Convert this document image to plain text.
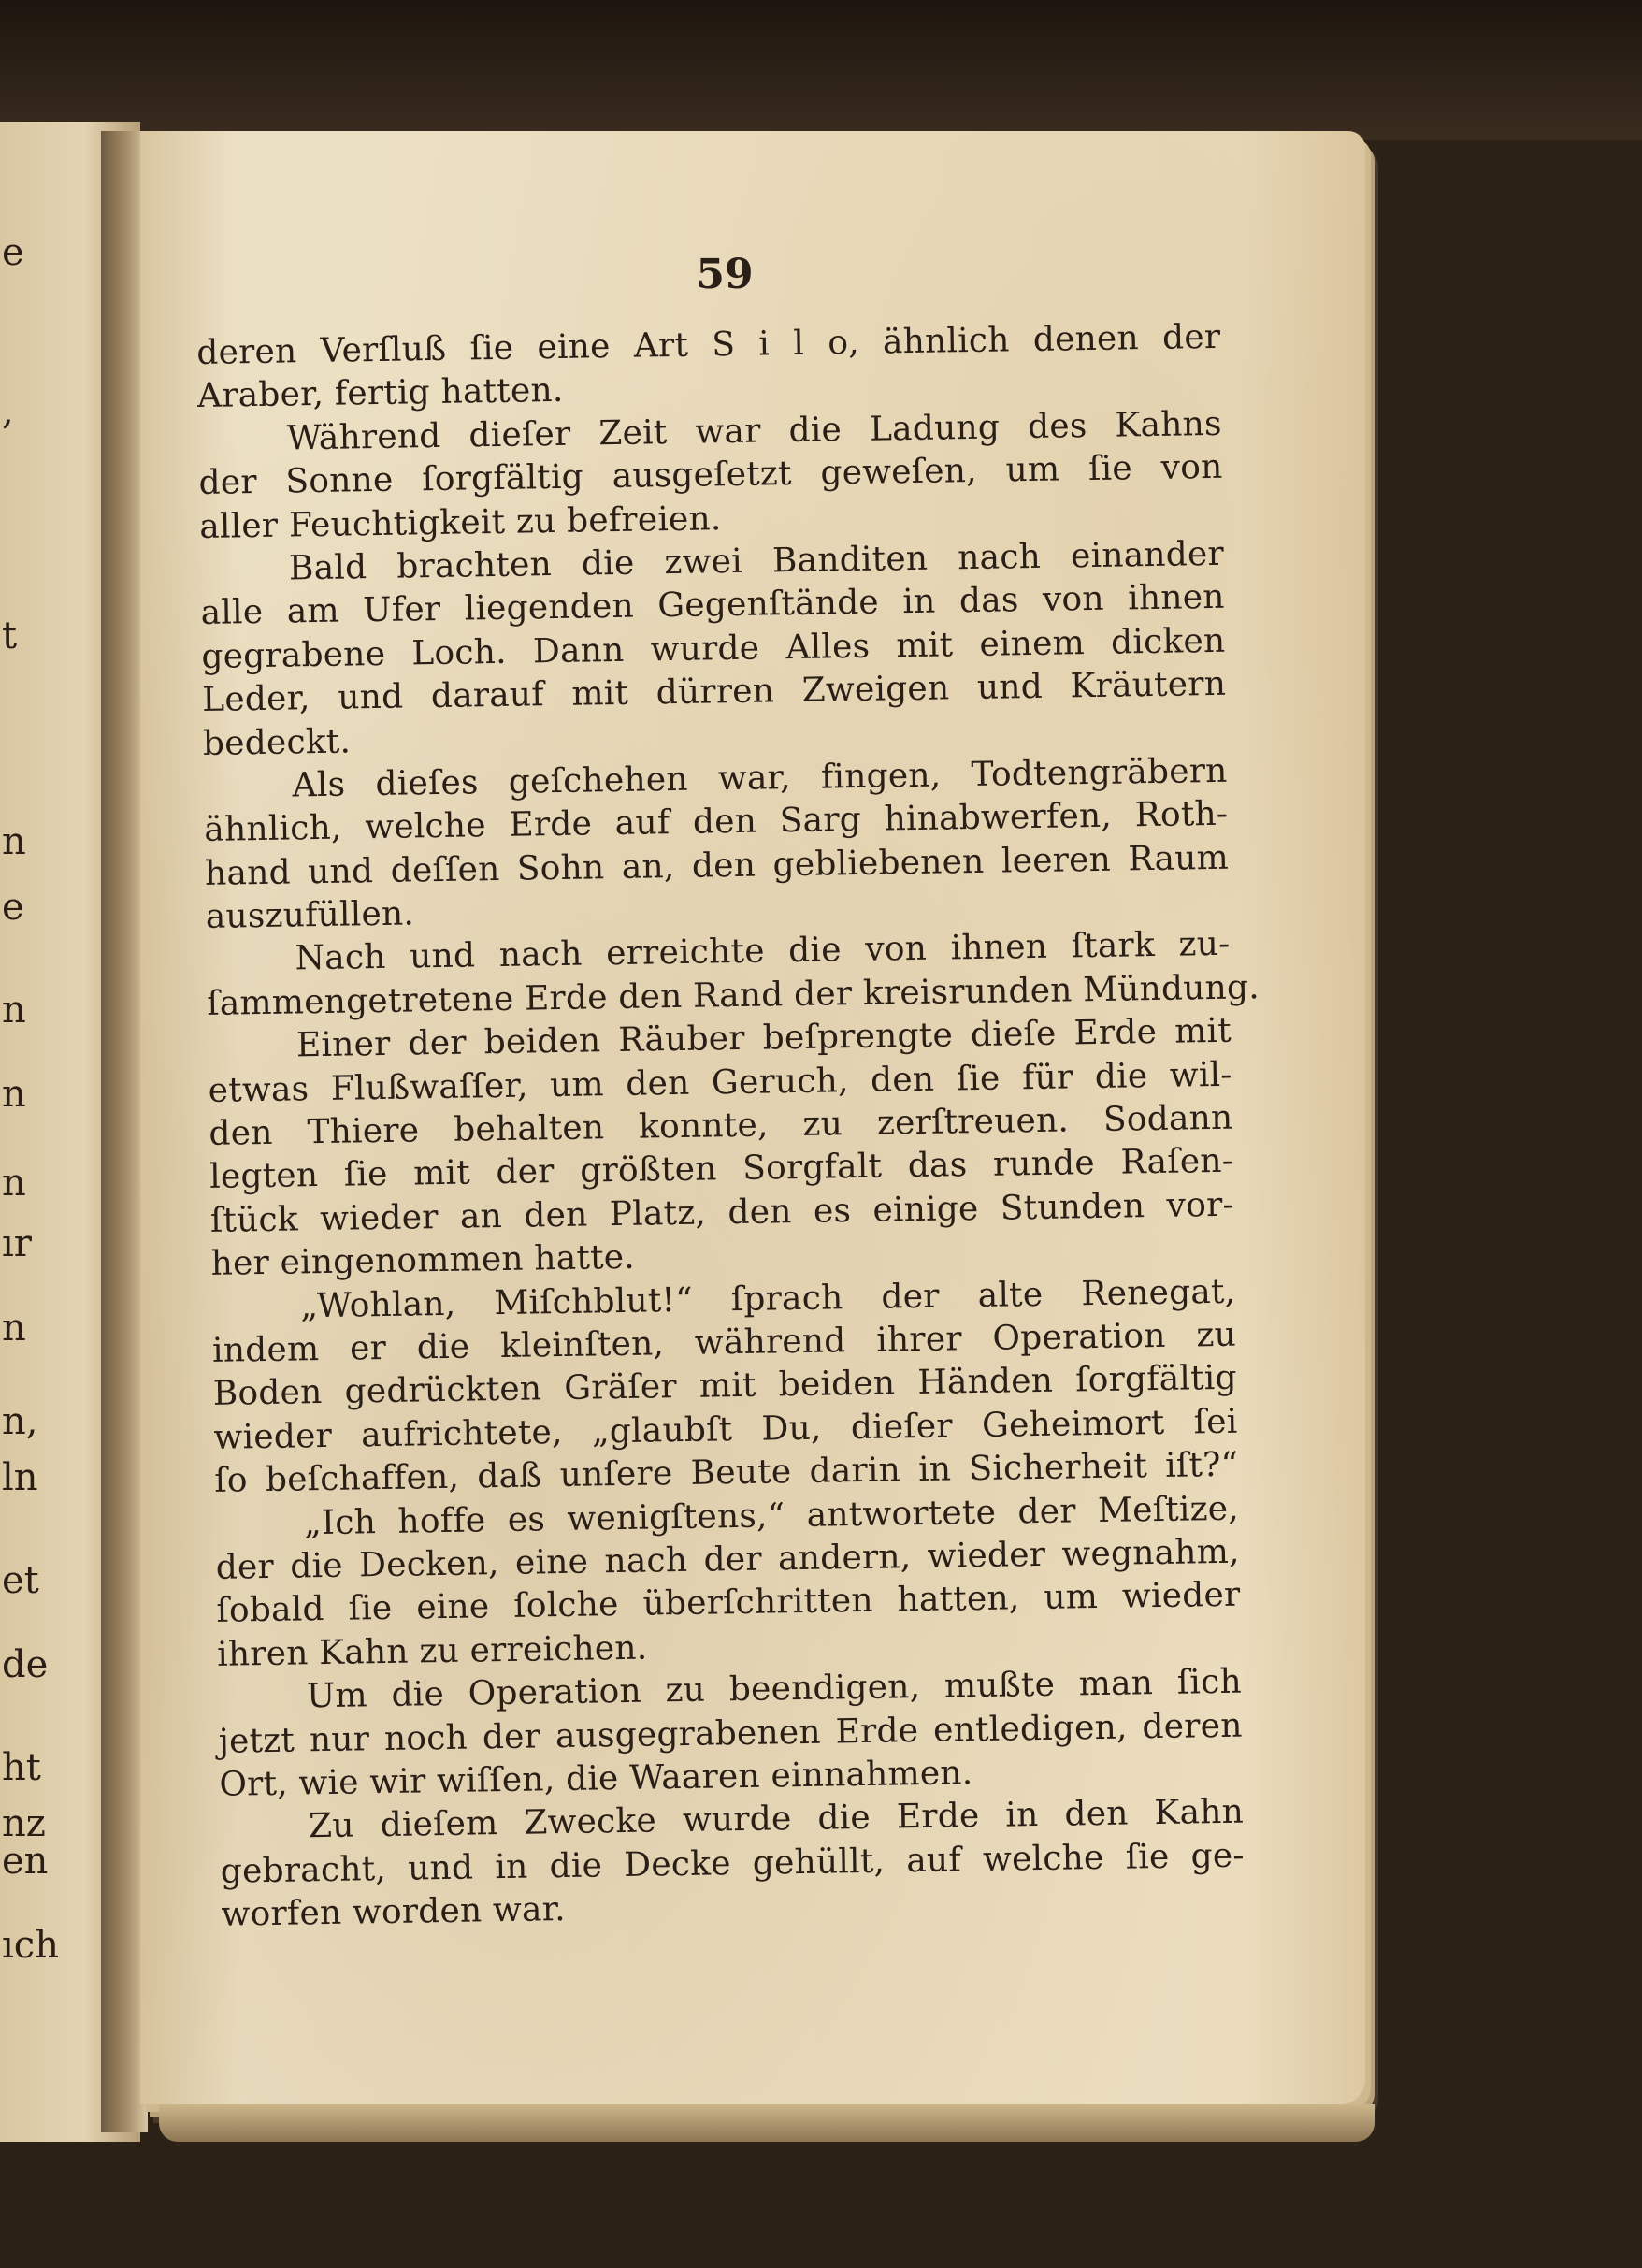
e
,
t
n
e
n
n
n
ır
n
n,
ln
et
de
ht
nz
en
ıch
59
deren Verſluß ſie eine Art S i l o, ähnlich denen der
Araber, fertig hatten.
Während dieſer Zeit war die Ladung des Kahns
der Sonne ſorgfältig ausgeſetzt geweſen, um ſie von
aller Feuchtigkeit zu befreien.
Bald brachten die zwei Banditen nach einander
alle am Ufer liegenden Gegenſtände in das von ihnen
gegrabene Loch. Dann wurde Alles mit einem dicken
Leder, und darauf mit dürren Zweigen und Kräutern
bedeckt.
Als dieſes geſchehen war, fingen, Todtengräbern
ähnlich, welche Erde auf den Sarg hinabwerfen, Roth-
hand und deſſen Sohn an, den gebliebenen leeren Raum
auszufüllen.
Nach und nach erreichte die von ihnen ſtark zu-
ſammengetretene Erde den Rand der kreisrunden Mündung.
Einer der beiden Räuber beſprengte dieſe Erde mit
etwas Flußwaſſer, um den Geruch, den ſie für die wil-
den Thiere behalten konnte, zu zerſtreuen. Sodann
legten ſie mit der größten Sorgfalt das runde Raſen-
ſtück wieder an den Platz, den es einige Stunden vor-
her eingenommen hatte.
„Wohlan, Miſchblut!“ ſprach der alte Renegat,
indem er die kleinſten, während ihrer Operation zu
Boden gedrückten Gräſer mit beiden Händen ſorgfältig
wieder aufrichtete, „glaubſt Du, dieſer Geheimort ſei
ſo beſchaffen, daß unſere Beute darin in Sicherheit iſt?“
„Ich hoffe es wenigſtens,“ antwortete der Meſtize,
der die Decken, eine nach der andern, wieder wegnahm,
ſobald ſie eine ſolche überſchritten hatten, um wieder
ihren Kahn zu erreichen.
Um die Operation zu beendigen, mußte man ſich
jetzt nur noch der ausgegrabenen Erde entledigen, deren
Ort, wie wir wiſſen, die Waaren einnahmen.
Zu dieſem Zwecke wurde die Erde in den Kahn
gebracht, und in die Decke gehüllt, auf welche ſie ge-
worfen worden war.
